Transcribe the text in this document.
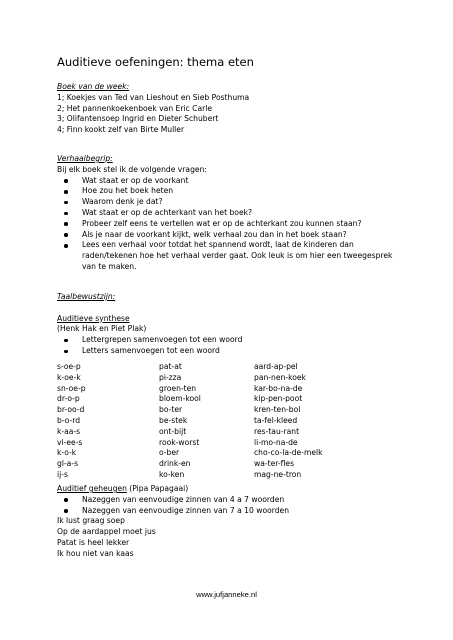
Auditieve oefeningen: thema eten
Boek van de week:
1; Koekjes van Ted van Lieshout en Sieb Posthuma
2; Het pannenkoekenboek van Eric Carle
3; Olifantensoep Ingrid en Dieter Schubert
4; Finn kookt zelf van Birte Muller
Verhaalbegrip:
Bij elk boek stel ik de volgende vragen:
Wat staat er op de voorkant
Hoe zou het boek heten
Waarom denk je dat?
Wat staat er op de achterkant van het boek?
Probeer zelf eens te vertellen wat er op de achterkant zou kunnen staan?
Als je naar de voorkant kijkt, welk verhaal zou dan in het boek staan?
Lees een verhaal voor totdat het spannend wordt, laat de kinderen dan
raden/tekenen hoe het verhaal verder gaat. Ook leuk is om hier een tweegesprek
van te maken.
Taalbewustzijn:
Auditieve synthese
(Henk Hak en Piet Plak)
Lettergrepen samenvoegen tot een woord
Letters samenvoegen tot een woord
s-oe-p	pat-at	aard-ap-pel
k-oe-k	pi-zza	pan-nen-koek
sn-oe-p	groen-ten	kar-bo-na-de
dr-o-p	bloem-kool	kip-pen-poot
br-oo-d	bo-ter	kren-ten-bol
b-o-rd	be-stek	ta-fel-kleed
k-aa-s	ont-bijt	res-tau-rant
vl-ee-s	rook-worst	li-mo-na-de
k-o-k	o-ber	cho-co-la-de-melk
gl-a-s	drink-en	wa-ter-fles
ij-s	ko-ken	mag-ne-tron
Auditief geheugen (Pipa Papagaai)
Nazeggen van eenvoudige zinnen van 4 a 7 woorden
Nazeggen van eenvoudige zinnen van 7 a 10 woorden
Ik lust graag soep
Op de aardappel moet jus
Patat is heel lekker
Ik hou niet van kaas
www.jufjanneke.nl
